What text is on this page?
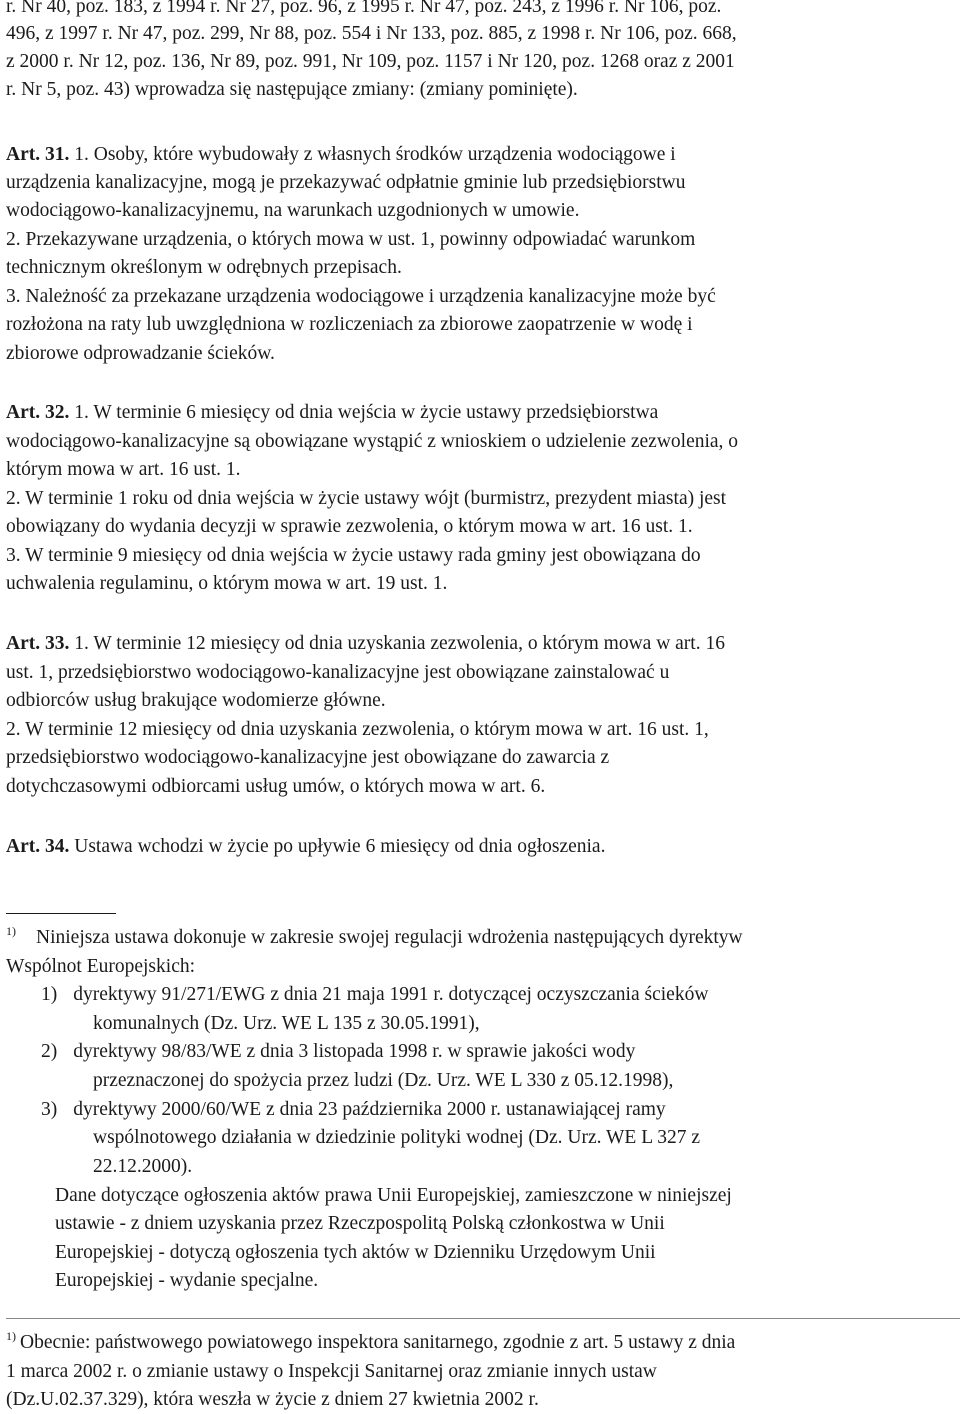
r. Nr 40, poz. 183, z 1994 r. Nr 27, poz. 96, z 1995 r. Nr 47, poz. 243, z 1996 r. Nr 106, poz.
496, z 1997 r. Nr 47, poz. 299, Nr 88, poz. 554 i Nr 133, poz. 885, z 1998 r. Nr 106, poz. 668,
z 2000 r. Nr 12, poz. 136, Nr 89, poz. 991, Nr 109, poz. 1157 i Nr 120, poz. 1268 oraz z 2001
r. Nr 5, poz. 43) wprowadza się następujące zmiany: (zmiany pominięte).
Art. 31. 1. Osoby, które wybudowały z własnych środków urządzenia wodociągowe i
urządzenia kanalizacyjne, mogą je przekazywać odpłatnie gminie lub przedsiębiorstwu
wodociągowo-kanalizacyjnemu, na warunkach uzgodnionych w umowie.
2. Przekazywane urządzenia, o których mowa w ust. 1, powinny odpowiadać warunkom
technicznym określonym w odrębnych przepisach.
3. Należność za przekazane urządzenia wodociągowe i urządzenia kanalizacyjne może być
rozłożona na raty lub uwzględniona w rozliczeniach za zbiorowe zaopatrzenie w wodę i
zbiorowe odprowadzanie ścieków.
Art. 32. 1. W terminie 6 miesięcy od dnia wejścia w życie ustawy przedsiębiorstwa
wodociągowo-kanalizacyjne są obowiązane wystąpić z wnioskiem o udzielenie zezwolenia, o
którym mowa w art. 16 ust. 1.
2. W terminie 1 roku od dnia wejścia w życie ustawy wójt (burmistrz, prezydent miasta) jest
obowiązany do wydania decyzji w sprawie zezwolenia, o którym mowa w art. 16 ust. 1.
3. W terminie 9 miesięcy od dnia wejścia w życie ustawy rada gminy jest obowiązana do
uchwalenia regulaminu, o którym mowa w art. 19 ust. 1.
Art. 33. 1. W terminie 12 miesięcy od dnia uzyskania zezwolenia, o którym mowa w art. 16
ust. 1, przedsiębiorstwo wodociągowo-kanalizacyjne jest obowiązane zainstalować u
odbiorców usług brakujące wodomierze główne.
2. W terminie 12 miesięcy od dnia uzyskania zezwolenia, o którym mowa w art. 16 ust. 1,
przedsiębiorstwo wodociągowo-kanalizacyjne jest obowiązane do zawarcia z
dotychczasowymi odbiorcami usług umów, o których mowa w art. 6.
Art. 34. Ustawa wchodzi w życie po upływie 6 miesięcy od dnia ogłoszenia.
$^{1)}$ Niniejsza ustawa dokonuje w zakresie swojej regulacji wdrożenia następujących dyrektyw
Wspólnot Europejskich:
1) dyrektywy 91/271/EWG z dnia 21 maja 1991 r. dotyczącej oczyszczania ścieków
komunalnych (Dz. Urz. WE L 135 z 30.05.1991),
2) dyrektywy 98/83/WE z dnia 3 listopada 1998 r. w sprawie jakości wody
przeznaczonej do spożycia przez ludzi (Dz. Urz. WE L 330 z 05.12.1998),
3) dyrektywy 2000/60/WE z dnia 23 października 2000 r. ustanawiającej ramy
wspólnotowego działania w dziedzinie polityki wodnej (Dz. Urz. WE L 327 z
22.12.2000).
Dane dotyczące ogłoszenia aktów prawa Unii Europejskiej, zamieszczone w niniejszej
ustawie - z dniem uzyskania przez Rzeczpospolitą Polską członkostwa w Unii
Europejskiej - dotyczą ogłoszenia tych aktów w Dzienniku Urzędowym Unii
Europejskiej - wydanie specjalne.
$^{1)}$ Obecnie: państwowego powiatowego inspektora sanitarnego, zgodnie z art. 5 ustawy z dnia
1 marca 2002 r. o zmianie ustawy o Inspekcji Sanitarnej oraz zmianie innych ustaw
(Dz.U.02.37.329), która weszła w życie z dniem 27 kwietnia 2002 r.
